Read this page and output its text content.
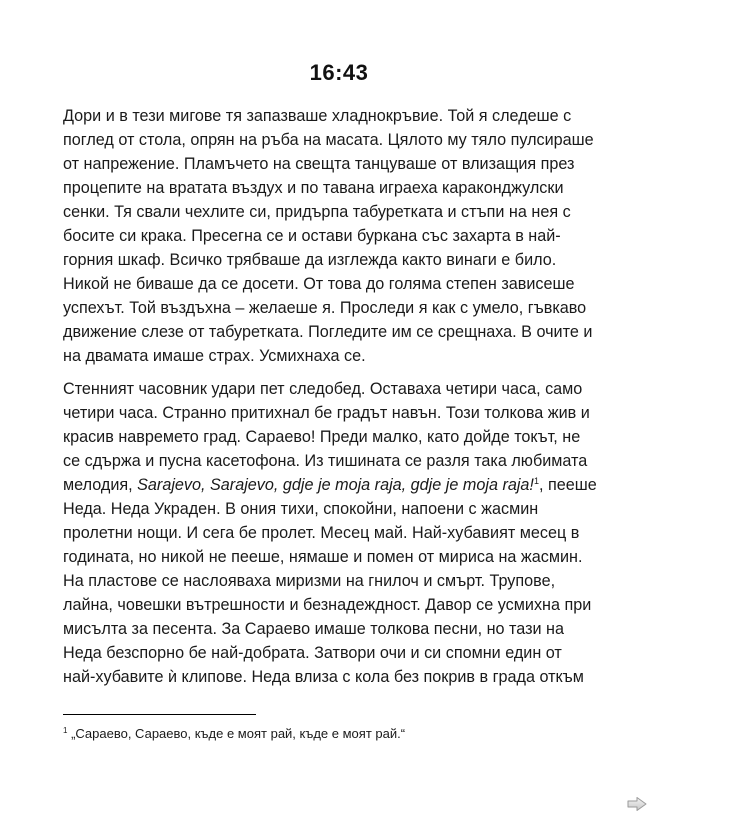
16:43
Дори и в тези мигове тя запазваше хладнокръвие. Той я следеше с
поглед от стола, опрян на ръба на масата. Цялото му тяло пулсираше
от напрежение. Пламъчето на свещта танцуваше от влизащия през
процепите на вратата въздух и по тавана играеха караконджулски
сенки. Тя свали чехлите си, придърпа табуретката и стъпи на нея с
босите си крака. Пресегна се и остави буркана със захарта в най-
горния шкаф. Всичко трябваше да изглежда както винаги е било.
Никой не биваше да се досети. От това до голяма степен зависеше
успехът. Той въздъхна – желаеше я. Проследи я как с умело, гъвкаво
движение слезе от табуретката. Погледите им се срещнаха. В очите и
на двамата имаше страх. Усмихнаха се.
Стенният часовник удари пет следобед. Оставаха четири часа, само
четири часа. Странно притихнал бе градът навън. Този толкова жив и
красив навремето град. Сараево! Преди малко, като дойде токът, не
се сдържа и пусна касетофона. Из тишината се разля така любимата
мелодия, Sarajevo, Sarajevo, gdje je moja raja, gdje je moja raja!$^1$, пееше
Неда. Неда Украден. В ония тихи, спокойни, напоени с жасмин
пролетни нощи. И сега бе пролет. Месец май. Най-хубавият месец в
годината, но никой не пееше, нямаше и помен от мириса на жасмин.
На пластове се наслояваха миризми на гнилоч и смърт. Трупове,
лайна, човешки вътрешности и безнадеждност. Давор се усмихна при
мисълта за песента. За Сараево имаше толкова песни, но тази на
Неда безспорно бе най-добрата. Затвори очи и си спомни един от
най-хубавите ѝ клипове. Неда влиза с кола без покрив в града откъм
$^1$ „Сараево, Сараево, къде е моят рай, къде е моят рай.“
